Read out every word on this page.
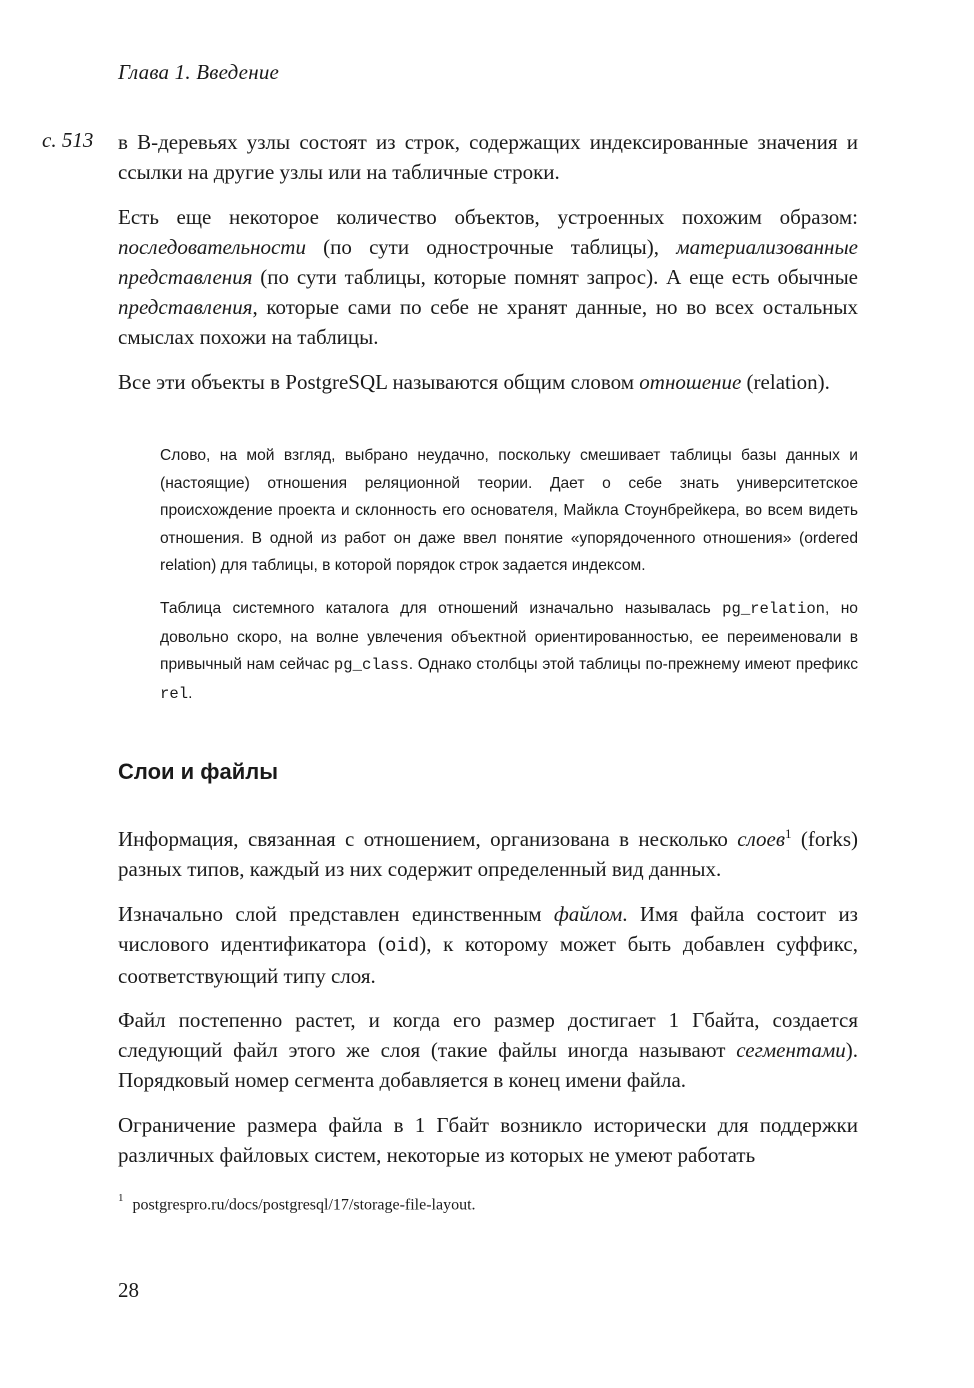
Глава 1. Введение
с. 513 в B-деревьях узлы состоят из строк, содержащих индексированные значения и ссылки на другие узлы или на табличные строки.

Есть еще некоторое количество объектов, устроенных похожим образом: последовательности (по сути однострочные таблицы), материализованные представления (по сути таблицы, которые помнят запрос). А еще есть обычные представления, которые сами по себе не хранят данные, но во всех остальных смыслах похожи на таблицы.

Все эти объекты в PostgreSQL называются общим словом отношение (relation).

Слово, на мой взгляд, выбрано неудачно, поскольку смешивает таблицы базы данных и (настоящие) отношения реляционной теории. Дает о себе знать университетское происхождение проекта и склонность его основателя, Майкла Стоунбрейкера, во всем видеть отношения. В одной из работ он даже ввел понятие «упорядоченного отношения» (ordered relation) для таблицы, в которой порядок строк задается индексом.

Таблица системного каталога для отношений изначально называлась pg_relation, но довольно скоро, на волне увлечения объектной ориентированностью, ее переименовали в привычный нам сейчас pg_class. Однако столбцы этой таблицы по-прежнему имеют префикс rel.

Слои и файлы

Информация, связанная с отношением, организована в несколько слоев$^1$ (forks) разных типов, каждый из них содержит определенный вид данных.

Изначально слой представлен единственным файлом. Имя файла состоит из числового идентификатора (oid), к которому может быть добавлен суффикс, соответствующий типу слоя.

Файл постепенно растет, и когда его размер достигает 1 Гбайта, создается следующий файл этого же слоя (такие файлы иногда называют сегментами). Порядковый номер сегмента добавляется в конец имени файла.

Ограничение размера файла в 1 Гбайт возникло исторически для поддержки различных файловых систем, некоторые из которых не умеют работать

$^1$ postgrespro.ru/docs/postgresql/17/storage-file-layout.
28
